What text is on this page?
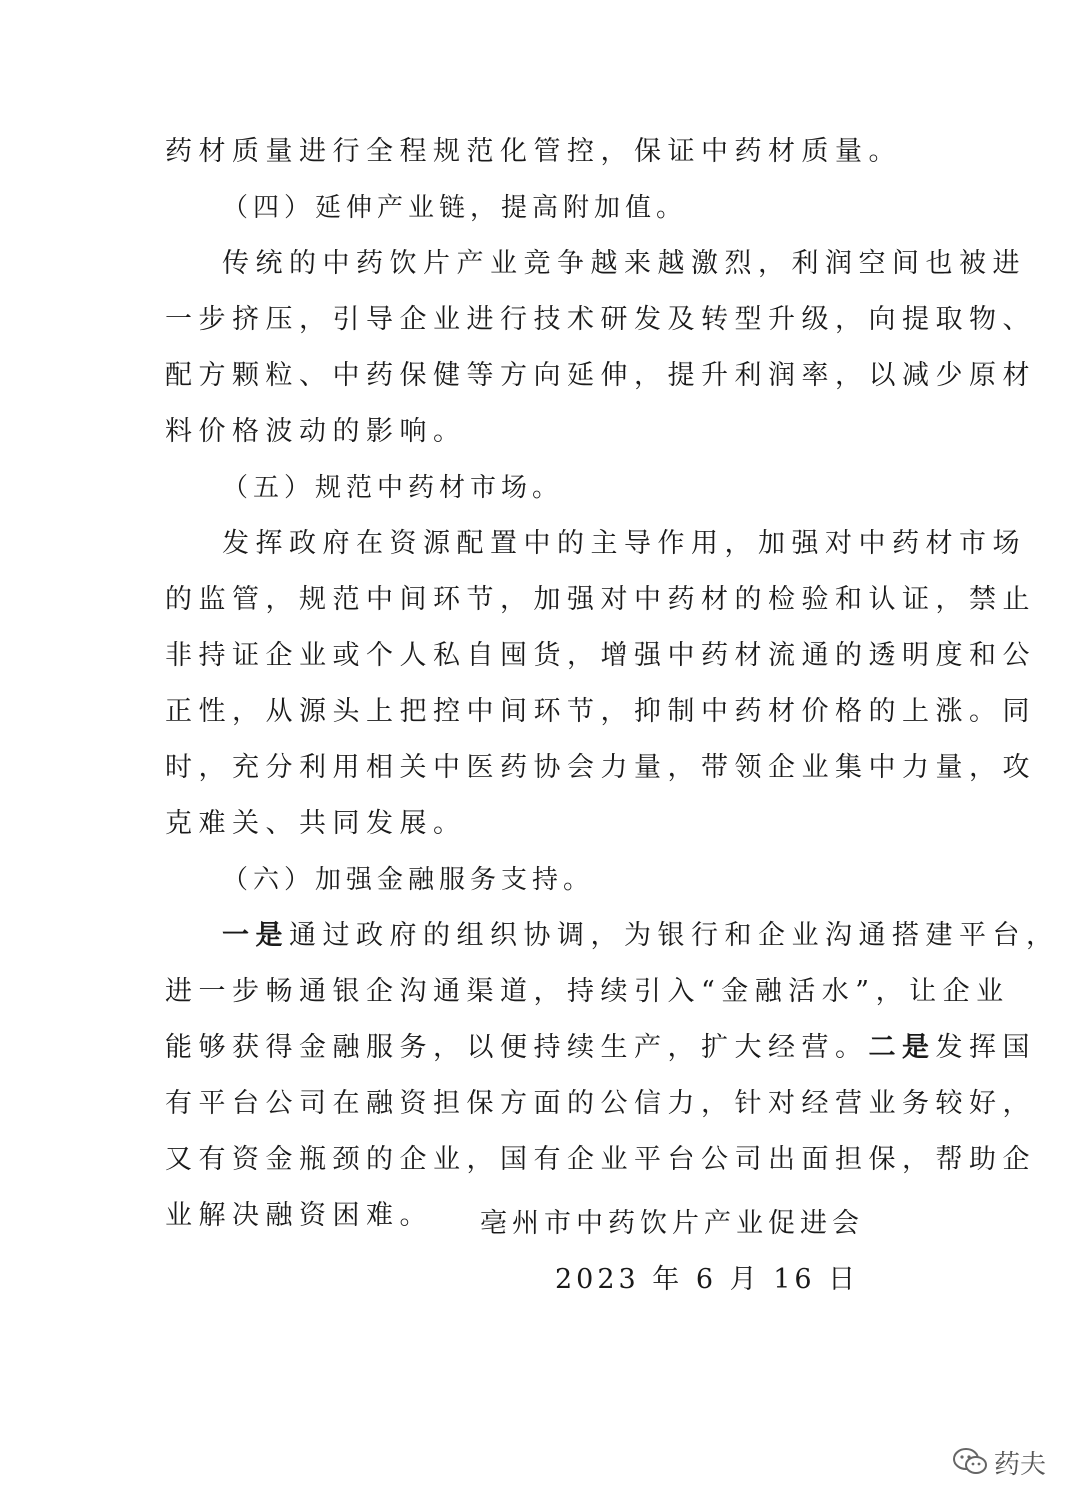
药材质量进行全程规范化管控，保证中药材质量。
（四）延伸产业链，提高附加值。
传统的中药饮片产业竞争越来越激烈，利润空间也被进
一步挤压，引导企业进行技术研发及转型升级，向提取物、
配方颗粒、中药保健等方向延伸，提升利润率，以减少原材
料价格波动的影响。
（五）规范中药材市场。
发挥政府在资源配置中的主导作用，加强对中药材市场
的监管，规范中间环节，加强对中药材的检验和认证，禁止
非持证企业或个人私自囤货，增强中药材流通的透明度和公
正性，从源头上把控中间环节，抑制中药材价格的上涨。同
时，充分利用相关中医药协会力量，带领企业集中力量，攻
克难关、共同发展。
（六）加强金融服务支持。
一是通过政府的组织协调，为银行和企业沟通搭建平台，
进一步畅通银企沟通渠道，持续引入“金融活水”，让企业
能够获得金融服务，以便持续生产，扩大经营。二是发挥国
有平台公司在融资担保方面的公信力，针对经营业务较好，
又有资金瓶颈的企业，国有企业平台公司出面担保，帮助企
业解决融资困难。	亳州市中药饮片产业促进会
2023 年 6 月 16 日
药夫
